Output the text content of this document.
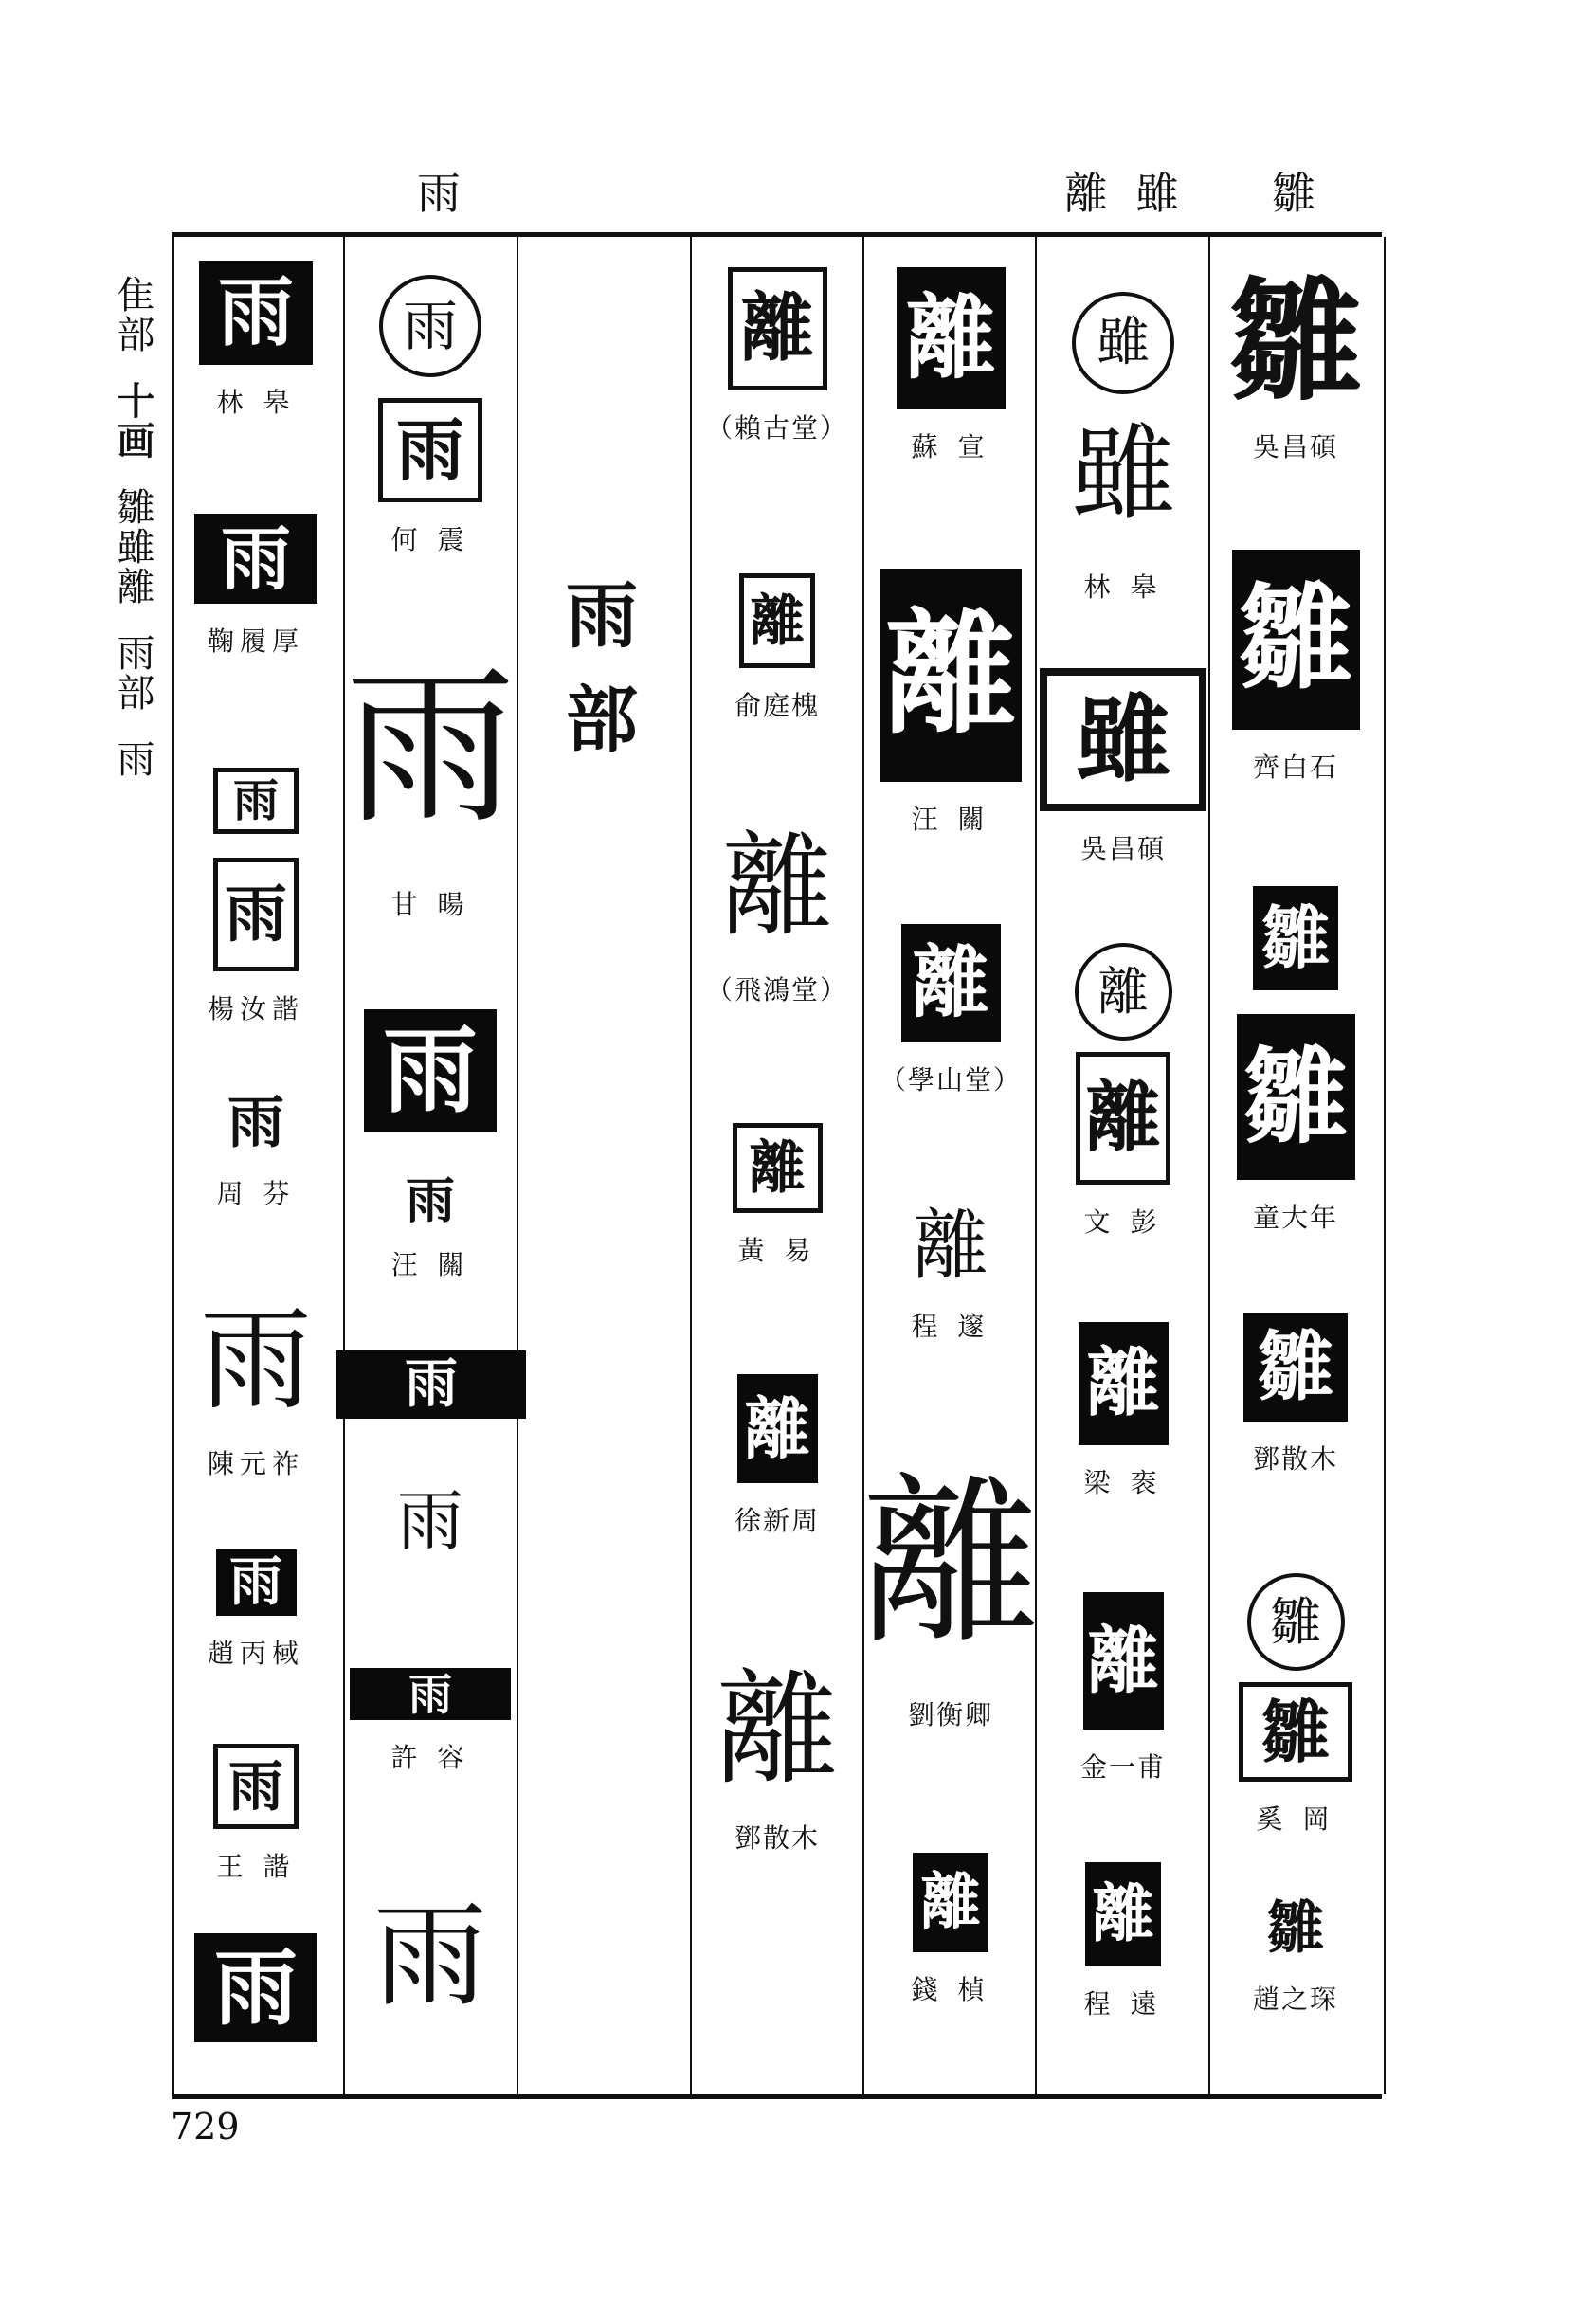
隹部
十画
雛
雖
離
雨部
雨
雨	離 雖 雛
雨
部
雨
林 皋
雨
鞠履厚
雨
雨
楊汝諧
雨
周 芬
雨
陳元祚
雨
趙丙棫
雨
王 諧
雨
雨
雨
何 震
雨
甘 暘
雨
雨
汪 關
雨
雨
雨
許 容
雨
離
（賴古堂）
離
俞庭槐
離
（飛鴻堂）
離
黃 易
離
徐新周
離
鄧散木
離
蘇 宣
離
汪 關
離
（學山堂）
離
程 邃
離
劉衡卿
離
錢 楨
雖
雖
林 皋
雖
吳昌碩
離
離
文 彭
離
梁 袠
離
金一甫
離
程 遠
雛
吳昌碩
雛
齊白石
雛
雛
童大年
雛
鄧散木
雛
雛
奚 岡
雛
趙之琛
729
